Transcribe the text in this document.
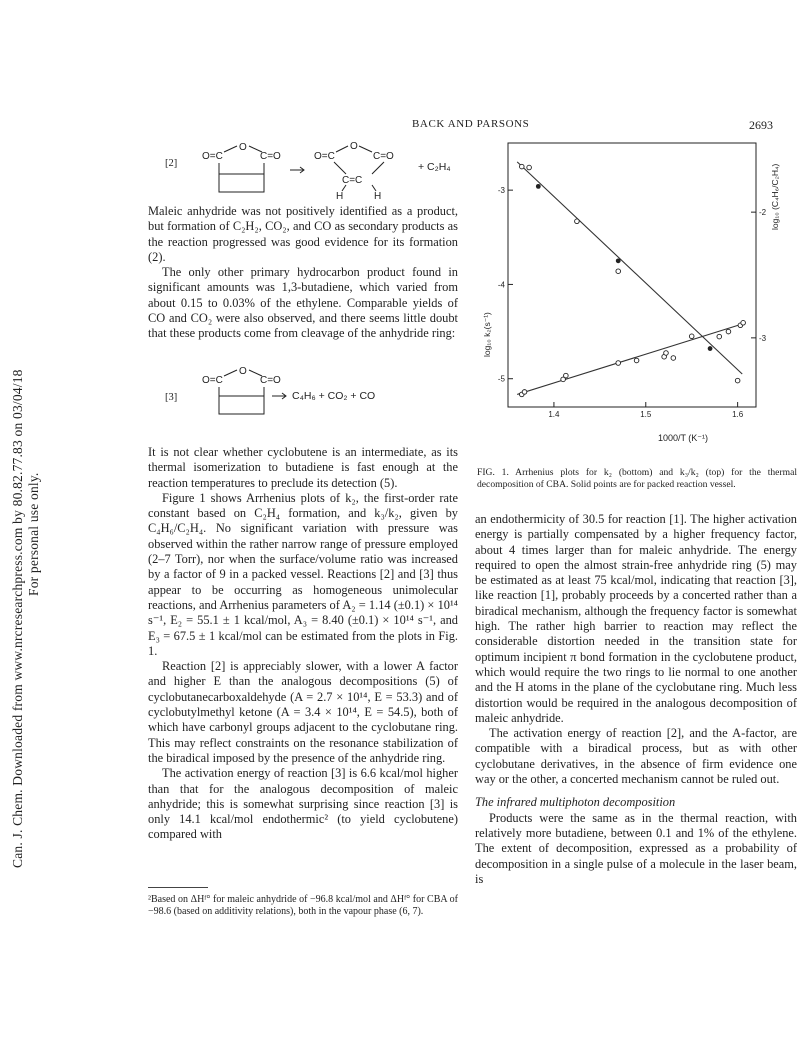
Can. J. Chem. Downloaded from www.nrcresearchpress.com by 80.82.77.83 on 03/04/18 For personal use only.
BACK AND PARSONS	2693
[2]
O=C
O
C=O	O=C
O
C=O
C=C
H	H
+ C₂H₄

Maleic anhydride was not positively identified as a product, but formation of C₂H₂, CO₂, and CO as secondary products as the reaction progressed was good evidence for its formation (2).

The only other primary hydrocarbon product found in significant amounts was 1,3-butadiene, which varied from about 0.15 to 0.03% of the ethylene. Comparable yields of CO and CO₂ were also observed, and there seems little doubt that these products come from cleavage of the anhydride ring:

[3]
O=C
O
C=O
C₄H₆ + CO₂ + CO

It is not clear whether cyclobutene is an intermediate, as its thermal isomerization to butadiene is fast enough at the reaction temperatures to preclude its detection (5).

Figure 1 shows Arrhenius plots of k₂, the first-order rate constant based on C₂H₄ formation, and k₃/k₂, given by C₄H₆/C₂H₄. No significant variation with pressure was observed within the rather narrow range of pressure employed (2–7 Torr), nor when the surface/volume ratio was increased by a factor of 9 in a packed vessel. Reactions [2] and [3] thus appear to be occurring as homogeneous unimolecular reactions, and Arrhenius parameters of A₂ = 1.14 (±0.1) × 10¹⁴ s⁻¹, E₂ = 55.1 ± 1 kcal/mol, A₃ = 8.40 (±0.1) × 10¹⁴ s⁻¹, and E₃ = 67.5 ± 1 kcal/mol can be estimated from the plots in Fig. 1.

Reaction [2] is appreciably slower, with a lower A factor and higher E than the analogous decompositions (5) of cyclobutanecarboxaldehyde (A = 2.7 × 10¹⁴, E = 53.3) and of cyclobutylmethyl ketone (A = 3.4 × 10¹⁴, E = 54.5), both of which have carbonyl groups adjacent to the cyclobutane ring. This may reflect constraints on the resonance stabilization of the biradical imposed by the presence of the anhydride ring.

The activation energy of reaction [3] is 6.6 kcal/mol higher than that for the analogous decomposition of maleic anhydride; this is somewhat surprising since reaction [3] is only 14.1 kcal/mol endothermic² (to yield cyclobutene) compared with

²Based on ΔHᶠ° for maleic anhydride of −96.8 kcal/mol and ΔHᶠ° for CBA of −98.6 (based on additivity relations), both in the vapour phase (6, 7).
1.4	1.5	1.6
-3
-4
-5
-3
-2
1000/T (K⁻¹)
log₁₀ k₂(s⁻¹)
log₁₀ (C₄H₆/C₂H₄)
FIG. 1. Arrhenius plots for k₂ (bottom) and k₃/k₂ (top) for the thermal decomposition of CBA. Solid points are for packed reaction vessel.

an endothermicity of 30.5 for reaction [1]. The higher activation energy is partially compensated by a higher frequency factor, about 4 times larger than for maleic anhydride. The energy required to open the almost strain-free anhydride ring (5) may be estimated as at least 75 kcal/mol, indicating that reaction [3], like reaction [1], probably proceeds by a concerted rather than a biradical mechanism, although the frequency factor is somewhat high. The rather high barrier to reaction may reflect the considerable distortion needed in the transition state for optimum incipient π bond formation in the cyclobutene product, which would require the two rings to lie normal to one another and the H atoms in the plane of the cyclobutane ring. Much less distortion would be required in the analogous decomposition of maleic anhydride.

The activation energy of reaction [2], and the A-factor, are compatible with a biradical process, but as with other cyclobutane derivatives, in the absence of firm evidence one way or the other, a concerted mechanism cannot be ruled out.

The infrared multiphoton decomposition

Products were the same as in the thermal reaction, with relatively more butadiene, between 0.1 and 1% of the ethylene. The extent of decomposition, expressed as a probability of decomposition in a single pulse of a molecule in the laser beam, is
